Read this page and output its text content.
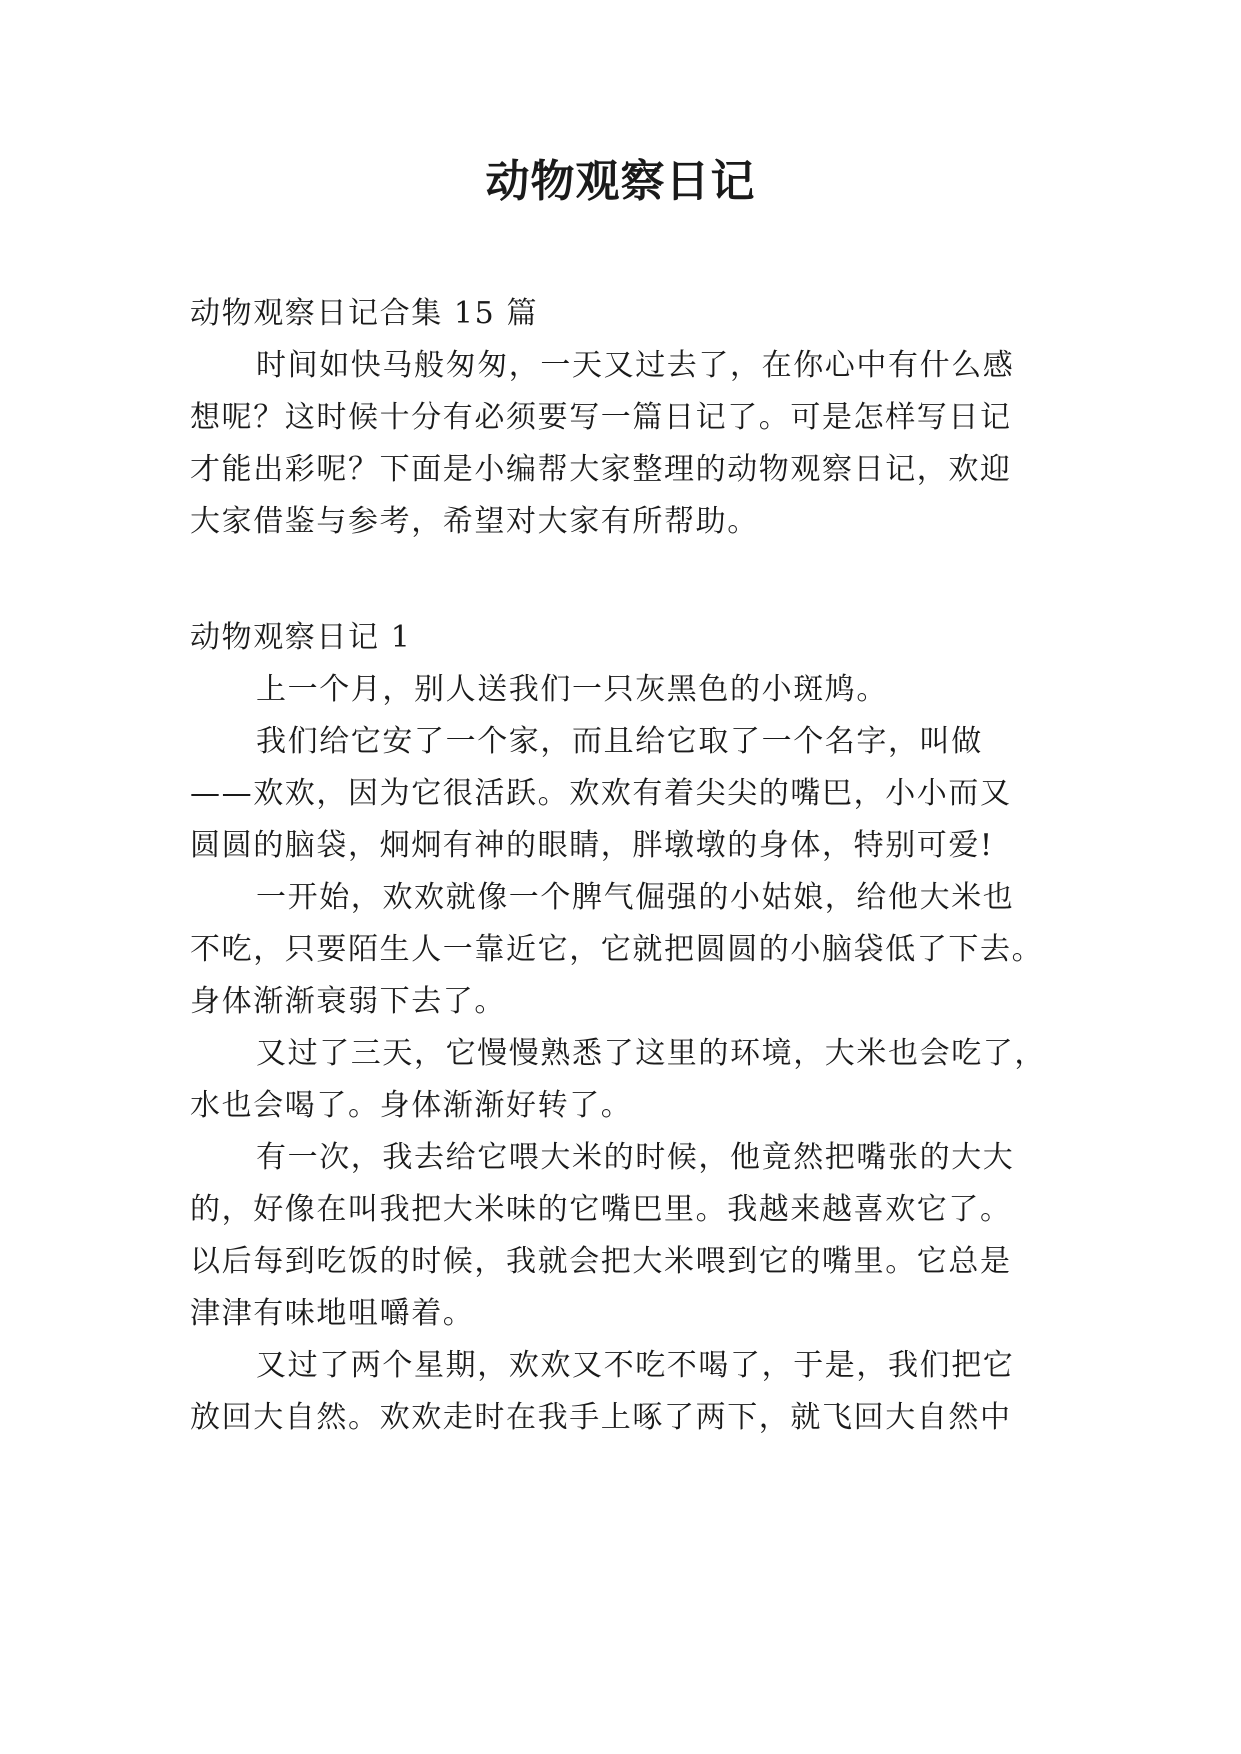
动物观察日记
动物观察日记合集 15 篇
时间如快马般匆匆，一天又过去了，在你心中有什么感
想呢？这时候十分有必须要写一篇日记了。可是怎样写日记
才能出彩呢？下面是小编帮大家整理的动物观察日记，欢迎
大家借鉴与参考，希望对大家有所帮助。
动物观察日记 1
上一个月，别人送我们一只灰黑色的小斑鸠。
我们给它安了一个家，而且给它取了一个名字，叫做
——欢欢，因为它很活跃。欢欢有着尖尖的嘴巴，小小而又
圆圆的脑袋，炯炯有神的眼睛，胖墩墩的身体，特别可爱!
一开始，欢欢就像一个脾气倔强的小姑娘，给他大米也
不吃，只要陌生人一靠近它，它就把圆圆的小脑袋低了下去。
身体渐渐衰弱下去了。
又过了三天，它慢慢熟悉了这里的环境，大米也会吃了，
水也会喝了。身体渐渐好转了。
有一次，我去给它喂大米的时候，他竟然把嘴张的大大
的，好像在叫我把大米味的它嘴巴里。我越来越喜欢它了。
以后每到吃饭的时候，我就会把大米喂到它的嘴里。它总是
津津有味地咀嚼着。
又过了两个星期，欢欢又不吃不喝了，于是，我们把它
放回大自然。欢欢走时在我手上啄了两下，就飞回大自然中
